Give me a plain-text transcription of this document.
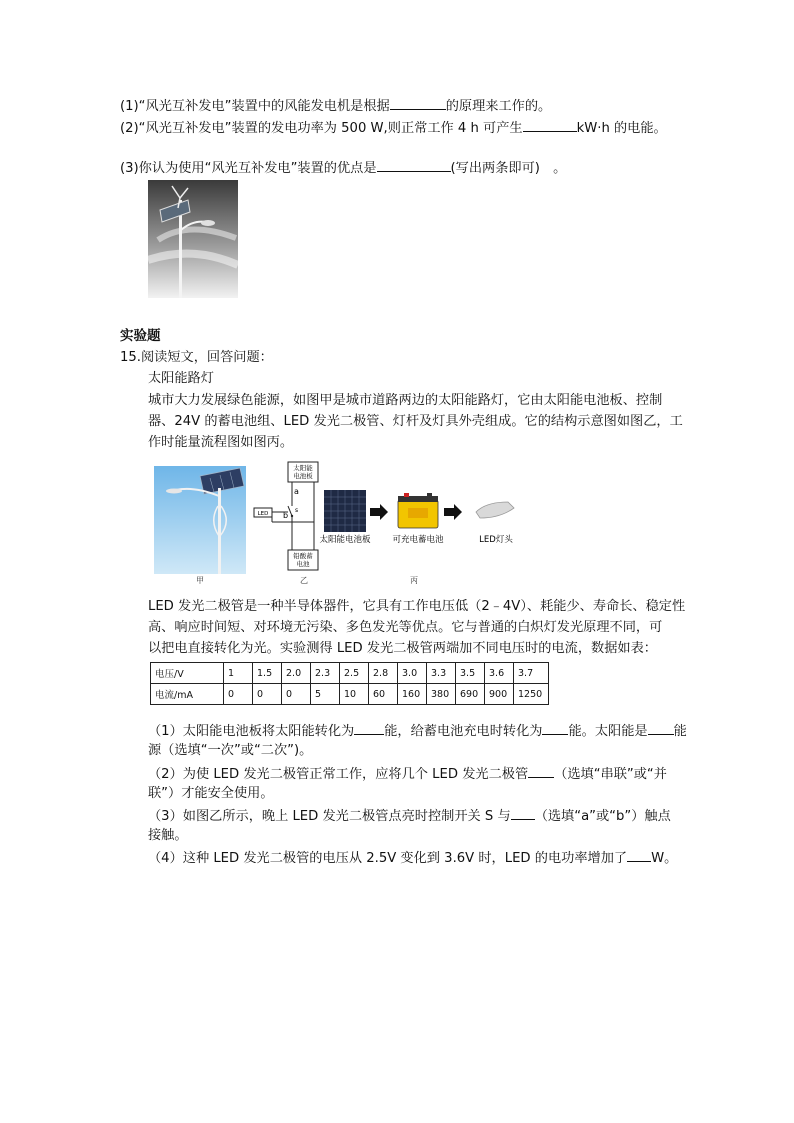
(1)“风光互补发电”装置中的风能发电机是根据	的原理来工作的。
(2)“风光互补发电”装置的发电功率为 500 W,则正常工作 4 h 可产生	kW·h 的电能。
(3)你认为使用“风光互补发电”装置的优点是	(写出两条即可)　。
实验题
15.阅读短文，回答问题：
太阳能路灯
城市大力发展绿色能源，如图甲是城市道路两边的太阳能路灯，它由太阳能电池板、控制
器、24V 的蓄电池组、LED 发光二极管、灯杆及灯具外壳组成。它的结构示意图如图乙，工
作时能量流程图如图丙。
甲
太阳能
电池板
a
s
b
LED
铅酸蓄
电池
乙
太阳能电池板	可充电蓄电池	LED灯头
丙
LED 发光二极管是一种半导体器件，它具有工作电压低（2﹣4V）、耗能少、寿命长、稳定性
高、响应时间短、对环境无污染、多色发光等优点。它与普通的白炽灯发光原理不同，可
以把电直接转化为光。实验测得 LED 发光二极管两端加不同电压时的电流，数据如表：
电压/V	1	1.5	2.0	2.3	2.5	2.8	3.0	3.3	3.5	3.6	3.7
电流/mA	0	0	0	5	10	60	160	380	690	900	1250
（1）太阳能电池板将太阳能转化为 能，给蓄电池充电时转化为 能。太阳能是 能
源（选填“一次”或“二次”)。
（2）为使 LED 发光二极管正常工作，应将几个 LED 发光二极管 （选填“串联”或“并
联”）才能安全使用。
（3）如图乙所示，晚上 LED 发光二极管点亮时控制开关 S 与 （选填“a”或“b”）触点
接触。
（4）这种 LED 发光二极管的电压从 2.5V 变化到 3.6V 时，LED 的电功率增加了 W。
